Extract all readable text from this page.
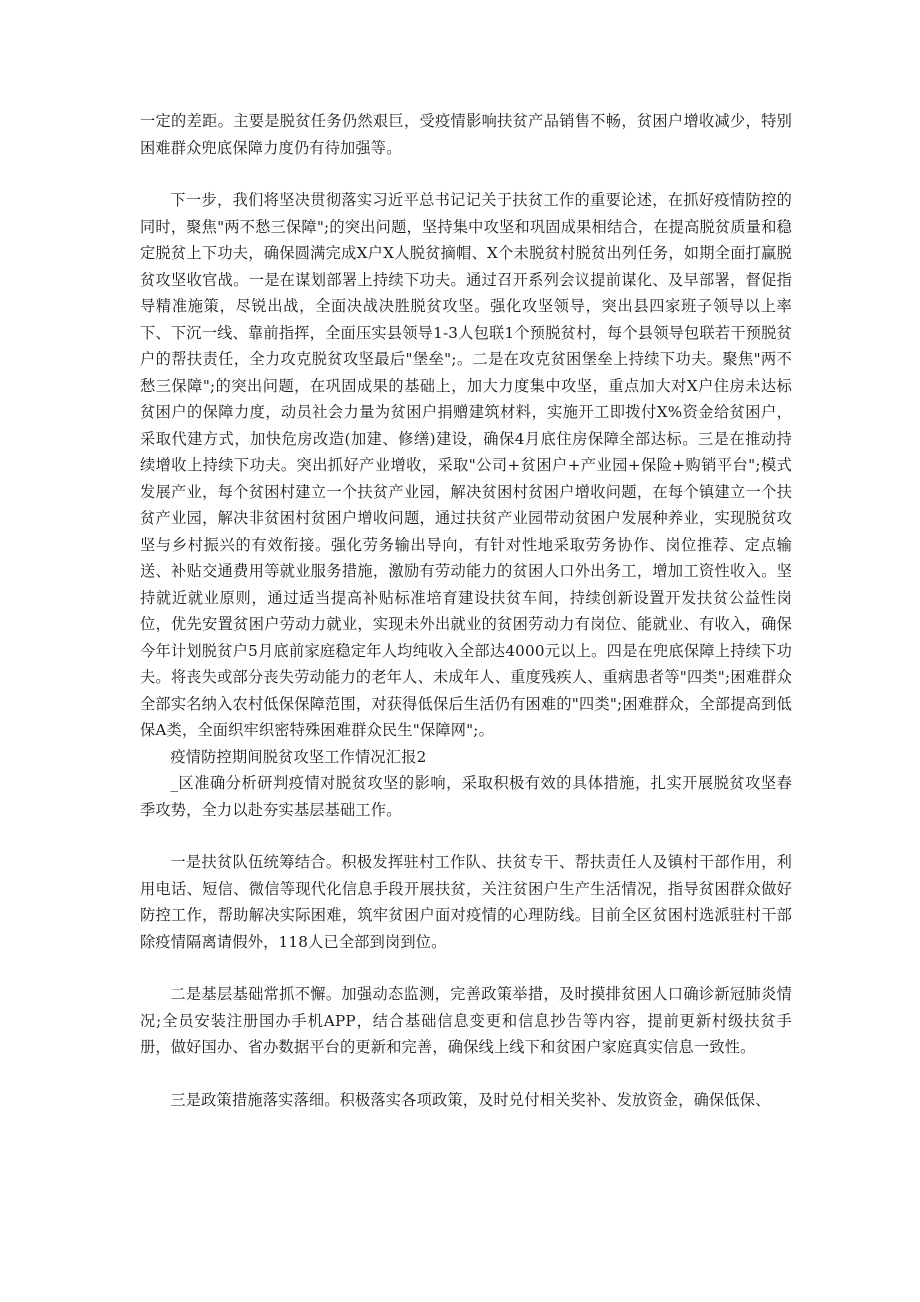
一定的差距。主要是脱贫任务仍然艰巨，受疫情影响扶贫产品销售不畅，贫困户增收减少，特别困难群众兜底保障力度仍有待加强等。

下一步，我们将坚决贯彻落实习近平总书记记关于扶贫工作的重要论述，在抓好疫情防控的同时，聚焦"两不愁三保障";的突出问题，坚持集中攻坚和巩固成果相结合，在提高脱贫质量和稳定脱贫上下功夫，确保圆满完成X户X人脱贫摘帽、X个未脱贫村脱贫出列任务，如期全面打赢脱贫攻坚收官战。一是在谋划部署上持续下功夫。通过召开系列会议提前谋化、及早部署，督促指导精准施策，尽锐出战，全面决战决胜脱贫攻坚。强化攻坚领导，突出县四家班子领导以上率下、下沉一线、靠前指挥，全面压实县领导1-3人包联1个预脱贫村，每个县领导包联若干预脱贫户的帮扶责任，全力攻克脱贫攻坚最后"堡垒";。二是在攻克贫困堡垒上持续下功夫。聚焦"两不愁三保障";的突出问题，在巩固成果的基础上，加大力度集中攻坚，重点加大对X户住房未达标贫困户的保障力度，动员社会力量为贫困户捐赠建筑材料，实施开工即拨付X%资金给贫困户，采取代建方式，加快危房改造(加建、修缮)建设，确保4月底住房保障全部达标。三是在推动持续增收上持续下功夫。突出抓好产业增收，采取"公司+贫困户+产业园+保险+购销平台";模式发展产业，每个贫困村建立一个扶贫产业园，解决贫困村贫困户增收问题，在每个镇建立一个扶贫产业园，解决非贫困村贫困户增收问题，通过扶贫产业园带动贫困户发展种养业，实现脱贫攻坚与乡村振兴的有效衔接。强化劳务输出导向，有针对性地采取劳务协作、岗位推荐、定点输送、补贴交通费用等就业服务措施，激励有劳动能力的贫困人口外出务工，增加工资性收入。坚持就近就业原则，通过适当提高补贴标准培育建设扶贫车间，持续创新设置开发扶贫公益性岗位，优先安置贫困户劳动力就业，实现未外出就业的贫困劳动力有岗位、能就业、有收入，确保今年计划脱贫户5月底前家庭稳定年人均纯收入全部达4000元以上。四是在兜底保障上持续下功夫。将丧失或部分丧失劳动能力的老年人、未成年人、重度残疾人、重病患者等"四类";困难群众全部实名纳入农村低保保障范围，对获得低保后生活仍有困难的"四类";困难群众，全部提高到低保A类，全面织牢织密特殊困难群众民生"保障网";。

疫情防控期间脱贫攻坚工作情况汇报2

_区准确分析研判疫情对脱贫攻坚的影响，采取积极有效的具体措施，扎实开展脱贫攻坚春季攻势，全力以赴夯实基层基础工作。

一是扶贫队伍统筹结合。积极发挥驻村工作队、扶贫专干、帮扶责任人及镇村干部作用，利用电话、短信、微信等现代化信息手段开展扶贫，关注贫困户生产生活情况，指导贫困群众做好防控工作，帮助解决实际困难，筑牢贫困户面对疫情的心理防线。目前全区贫困村选派驻村干部除疫情隔离请假外，118人已全部到岗到位。

二是基层基础常抓不懈。加强动态监测，完善政策举措，及时摸排贫困人口确诊新冠肺炎情况;全员安装注册国办手机APP，结合基础信息变更和信息抄告等内容，提前更新村级扶贫手册，做好国办、省办数据平台的更新和完善，确保线上线下和贫困户家庭真实信息一致性。

三是政策措施落实落细。积极落实各项政策，及时兑付相关奖补、发放资金，确保低保、
